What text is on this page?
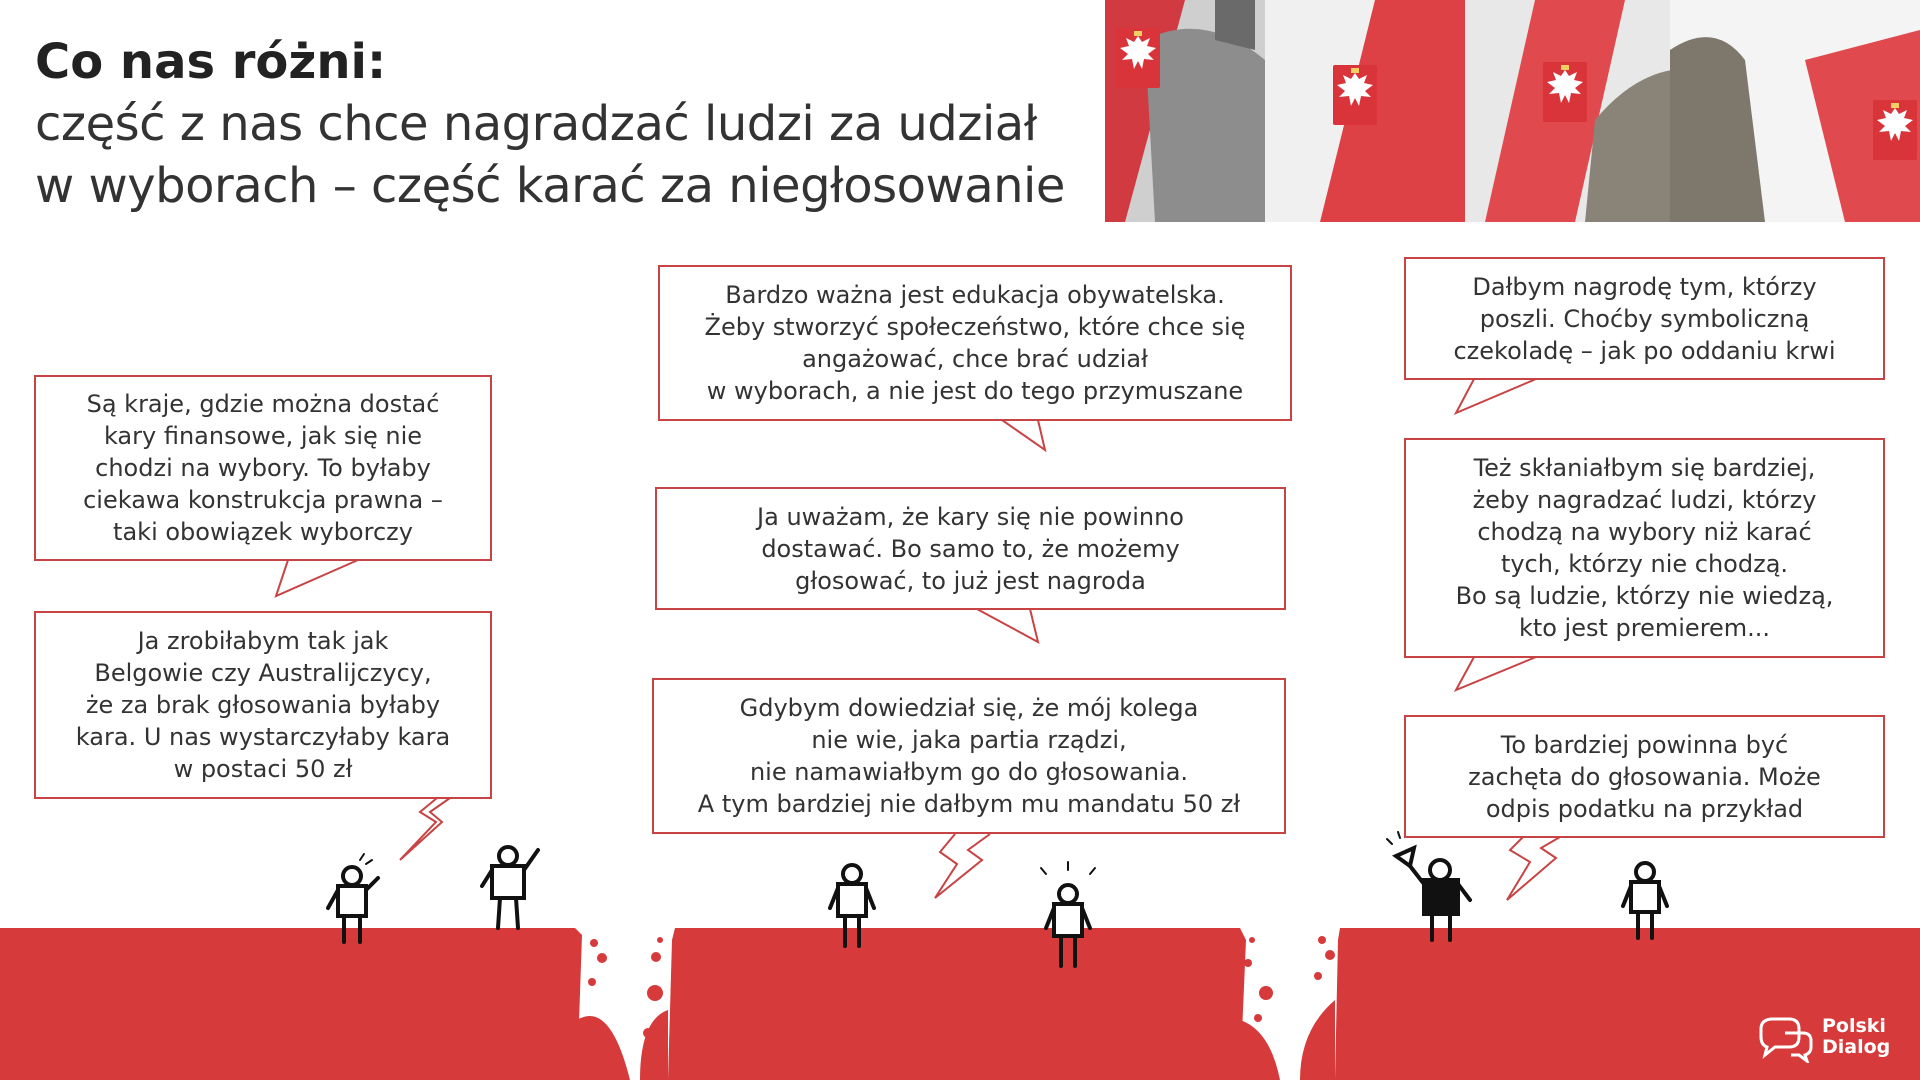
Co nas różni:
część z nas chce nagradzać ludzi za udział
w wyborach – część karać za niegłosowanie
Są kraje, gdzie można dostać
kary finansowe, jak się nie
chodzi na wybory. To byłaby
ciekawa konstrukcja prawna –
taki obowiązek wyborczy
Ja zrobiłabym tak jak
Belgowie czy Australijczycy,
że za brak głosowania byłaby
kara. U nas wystarczyłaby kara
w postaci 50 zł
Bardzo ważna jest edukacja obywatelska.
Żeby stworzyć społeczeństwo, które chce się
angażować, chce brać udział
w wyborach, a nie jest do tego przymuszane
Ja uważam, że kary się nie powinno
dostawać. Bo samo to, że możemy
głosować, to już jest nagroda
Gdybym dowiedział się, że mój kolega
nie wie, jaka partia rządzi,
nie namawiałbym go do głosowania.
A tym bardziej nie dałbym mu mandatu 50 zł
Dałbym nagrodę tym, którzy
poszli. Choćby symboliczną
czekoladę – jak po oddaniu krwi
Też skłaniałbym się bardziej,
żeby nagradzać ludzi, którzy
chodzą na wybory niż karać
tych, którzy nie chodzą.
Bo są ludzie, którzy nie wiedzą,
kto jest premierem...
To bardziej powinna być
zachęta do głosowania. Może
odpis podatku na przykład
Polski
Dialog
